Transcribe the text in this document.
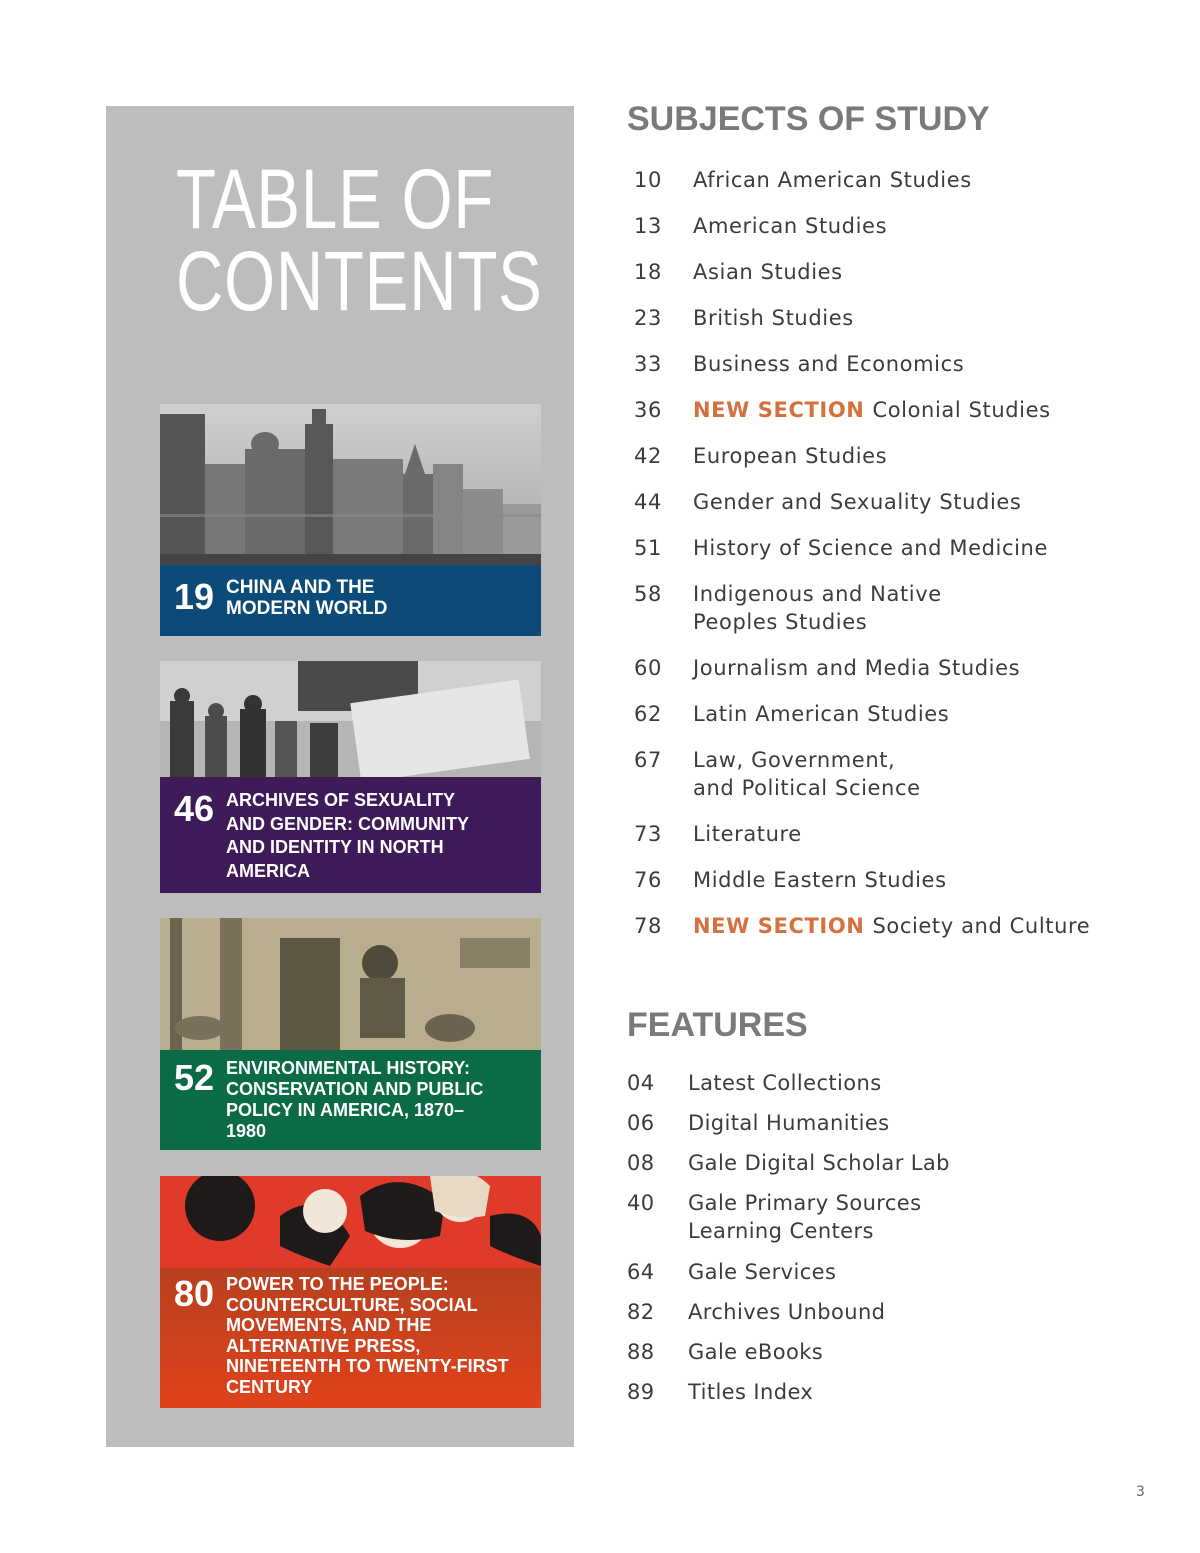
TABLE OF
CONTENTS
19 CHINA AND THE MODERN WORLD
46 ARCHIVES OF SEXUALITY AND GENDER: COMMUNITY AND IDENTITY IN NORTH AMERICA
52 ENVIRONMENTAL HISTORY: CONSERVATION AND PUBLIC POLICY IN AMERICA, 1870–1980
80 POWER TO THE PEOPLE: COUNTERCULTURE, SOCIAL MOVEMENTS, AND THE ALTERNATIVE PRESS, NINETEENTH TO TWENTY-FIRST CENTURY
SUBJECTS OF STUDY
10	African American Studies
13	American Studies
18	Asian Studies
23	British Studies
33	Business and Economics
36	NEW SECTION Colonial Studies
42	European Studies
44	Gender and Sexuality Studies
51	History of Science and Medicine
58	Indigenous and Native
Peoples Studies
60	Journalism and Media Studies
62	Latin American Studies
67	Law, Government,
and Political Science
73	Literature
76	Middle Eastern Studies
78	NEW SECTION Society and Culture
FEATURES
04	Latest Collections
06	Digital Humanities
08	Gale Digital Scholar Lab
40	Gale Primary Sources
Learning Centers
64	Gale Services
82	Archives Unbound
88	Gale eBooks
89	Titles Index
3
